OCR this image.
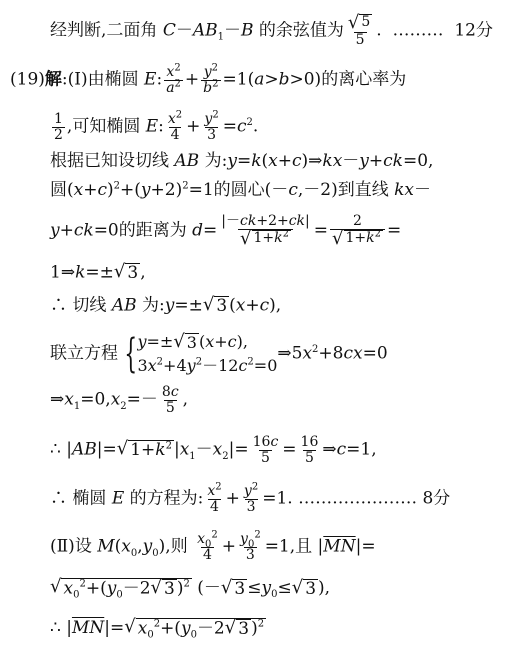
经判断,二面角 $C-AB_1-B$ 的余弦值为 $\frac{√ 5}{5}$ .  ………  12分
(19)解:(Ⅰ)由椭圆 E: $\frac{x^2}{a^2} + \frac{y^2}{b^2} =1(a>b>0)$的离心率为
$\frac{1}{2}$ ,可知椭圆 E: $\frac{x^2}{4} + \frac{y^2}{3} =c^2$.
根据已知设切线 AB 为:y=k(x+c)⇒kx－y+ck=0,
圆$(x+c)^2+(y+2)^2=1$的圆心(－c,－2)到直线 kx－
y+ck=0的距离为 $d= \frac{|-ck+2+ck|}{√ 1+k^2} = \frac{2}{√ 1+k^2}$ =
1⇒k=± √ 3 ,
∴ 切线 AB 为:y=± √ 3 (x+c),
联立方程 { y=± √ 3 (x+c),
$3x^2+4y^2-12c^2=0$
$\Rightarrow 5x^2+8cx=0$
$\Rightarrow x_1=0,x_2=- \frac{8c}{5}$ ,
∴ |AB|= √ $1+k^2$ $|x_1-x_2|= \frac{16c}{5} = \frac{16}{5}$ ⇒c=1,
∴ 椭圆 E 的方程为: $\frac{x^2}{4} + \frac{y^2}{3} =1$. ………………… 8分
(Ⅱ)设 $M(x_0,y_0)$,则 $\frac{x_0^2}{4} + \frac{y_0^2}{3} =1$,且 $|\overline{MN}|=$
√ $x_0^2+(y_0-2$ √ 3 )$^2$ (－ √ $3 \le y_0\le$ √ 3 ),
∴ $|\overline{MN}|=$ √ $x_0^2+(y_0-2$ √ 3 )$^2$
